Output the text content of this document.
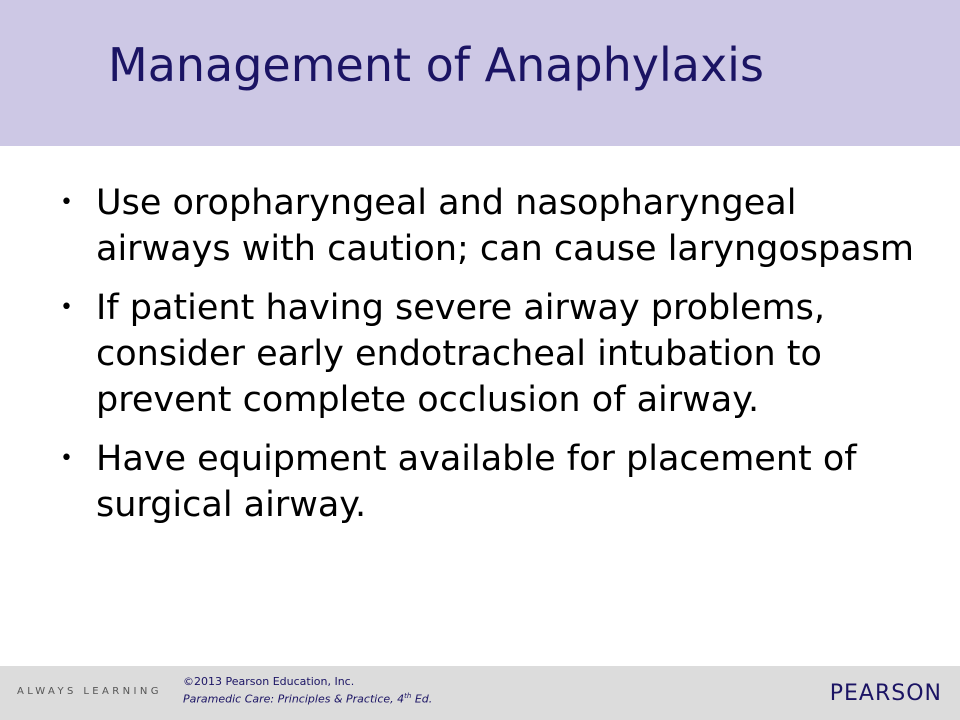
Management of Anaphylaxis
• Use oropharyngeal and nasopharyngeal airways with caution; can cause laryngospasm
• If patient having severe airway problems, consider early endotracheal intubation to prevent complete occlusion of airway.
• Have equipment available for placement of surgical airway.
ALWAYS LEARNING
©2013 Pearson Education, Inc.
Paramedic Care: Principles & Practice, 4th Ed.	PEARSON
